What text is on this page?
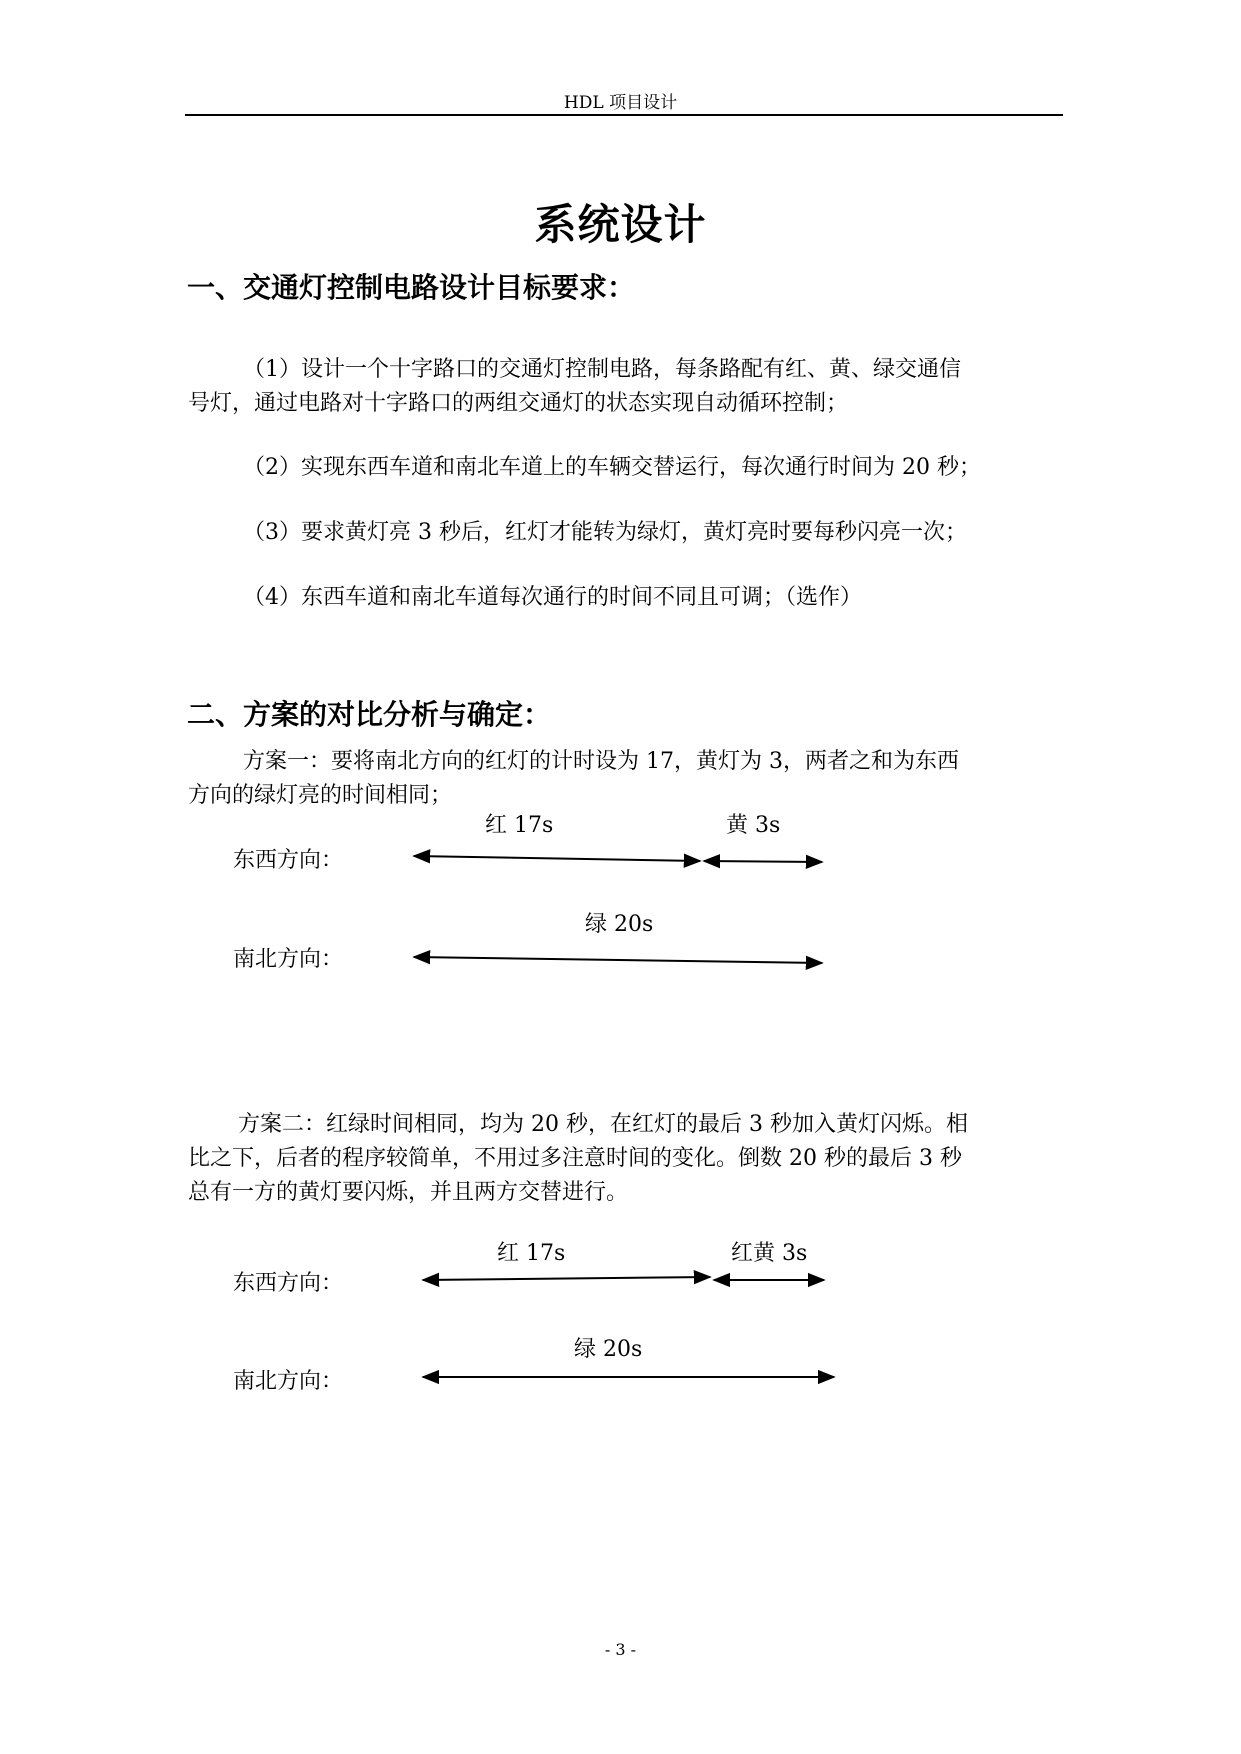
HDL 项目设计
系统设计
一、交通灯控制电路设计目标要求：
（1）设计一个十字路口的交通灯控制电路，每条路配有红、黄、绿交通信
号灯，通过电路对十字路口的两组交通灯的状态实现自动循环控制；
（2）实现东西车道和南北车道上的车辆交替运行，每次通行时间为 20 秒；
（3）要求黄灯亮 3 秒后，红灯才能转为绿灯，黄灯亮时要每秒闪亮一次；
（4）东西车道和南北车道每次通行的时间不同且可调；（选作）
二、方案的对比分析与确定：
方案一：要将南北方向的红灯的计时设为 17，黄灯为 3，两者之和为东西
方向的绿灯亮的时间相同；
红 17s	黄 3s
东西方向：
绿 20s
南北方向：
方案二：红绿时间相同，均为 20 秒，在红灯的最后 3 秒加入黄灯闪烁。相
比之下，后者的程序较简单，不用过多注意时间的变化。倒数 20 秒的最后 3 秒
总有一方的黄灯要闪烁，并且两方交替进行。
红 17s	红黄 3s
东西方向：
绿 20s
南北方向：
- 3 -
